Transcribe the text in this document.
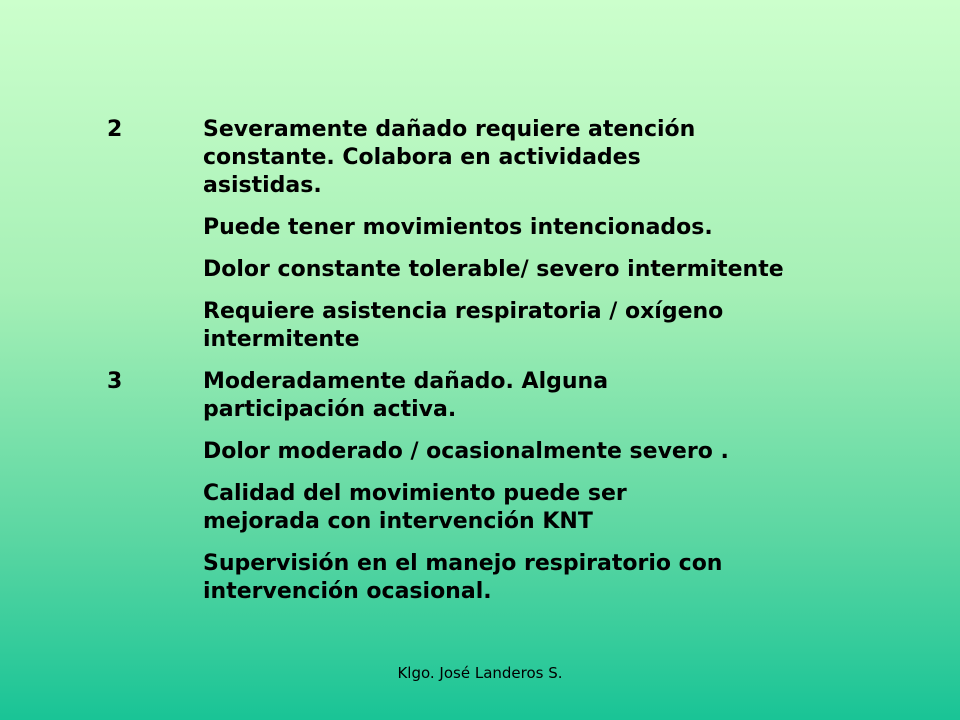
2	Severamente dañado requiere atención
constante. Colabora en actividades
asistidas.

Puede tener movimientos intencionados.

Dolor constante tolerable/ severo intermitente

Requiere asistencia respiratoria / oxígeno
intermitente

3	Moderadamente dañado. Alguna
participación activa.

Dolor moderado / ocasionalmente severo .

Calidad del movimiento puede ser
mejorada con intervención KNT

Supervisión en el manejo respiratorio con
intervención ocasional.

Klgo. José Landeros S.
